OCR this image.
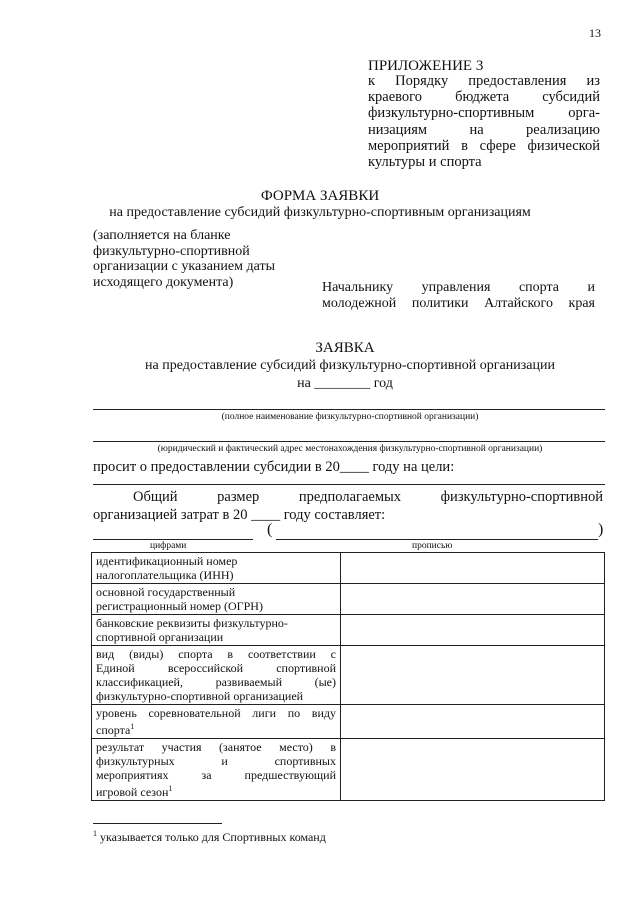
13
ПРИЛОЖЕНИЕ 3
к Порядку предоставления из
краевого бюджета субсидий
физкультурно-спортивным орга-
низациям на реализацию
мероприятий в сфере физической
культуры и спорта
ФОРМА ЗАЯВКИ
на предоставление субсидий физкультурно-спортивным организациям
(заполняется на бланке
физкультурно-спортивной
организации с указанием даты
исходящего документа)	Начальнику управления спорта и
молодежной политики Алтайского края
ЗАЯВКА
на предоставление субсидий физкультурно-спортивной организации
на ________ год
(полное наименование физкультурно-спортивной организации)
(юридический и фактический адрес местонахождения физкультурно-спортивной организации)
просит о предоставлении субсидии в 20____ году на цели:
Общий размер предполагаемых физкультурно-спортивной
организацией затрат в 20 ____ году составляет:
(	)
цифрами	прописью
идентификационный номер
налогоплательщика (ИНН)	

основной государственный
регистрационный номер (ОГРН)	

банковские реквизиты физкультурно-
спортивной организации	

вид (виды) спорта в соответствии с
Единой всероссийской спортивной
классификацией, развиваемый (ые)
физкультурно-спортивной организацией	

уровень соревновательной лиги по виду
спорта$^1$

результат участия (занятое место) в
физкультурных и спортивных
мероприятиях за предшествующий
игровой сезон$^1$

$^1$ указывается только для Спортивных команд
